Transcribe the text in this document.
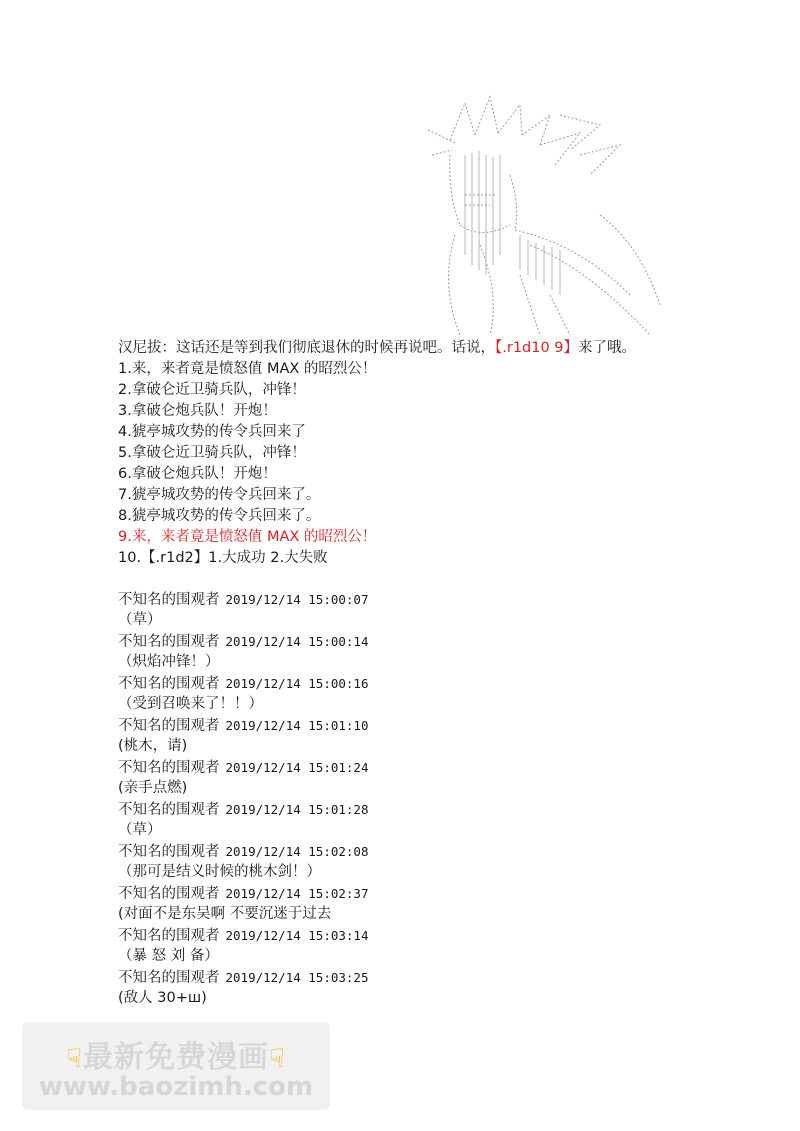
汉尼拔：这话还是等到我们彻底退休的时候再说吧。话说，【.r1d10 9】来了哦。
1.来，来者竟是愤怒值 MAX 的昭烈公！
2.拿破仑近卫骑兵队，冲锋！
3.拿破仑炮兵队！开炮！
4.猇亭城攻势的传令兵回来了
5.拿破仑近卫骑兵队，冲锋！
6.拿破仑炮兵队！开炮！
7.猇亭城攻势的传令兵回来了。
8.猇亭城攻势的传令兵回来了。
9.来，来者竟是愤怒值 MAX 的昭烈公！
10.【.r1d2】1.大成功 2.大失败
不知名的围观者 2019/12/14 15:00:07
（草）
不知名的围观者 2019/12/14 15:00:14
（炽焰冲锋！）
不知名的围观者 2019/12/14 15:00:16
（受到召唤来了！！）
不知名的围观者 2019/12/14 15:01:10
(桃木，请)
不知名的围观者 2019/12/14 15:01:24
(亲手点燃)
不知名的围观者 2019/12/14 15:01:28
（草）
不知名的围观者 2019/12/14 15:02:08
（那可是结义时候的桃木剑！）
不知名的围观者 2019/12/14 15:02:37
(对面不是东吴啊 不要沉迷于过去
不知名的围观者 2019/12/14 15:03:14
（暴 怒 刘 备）
不知名的围观者 2019/12/14 15:03:25
(敌人 30+ш)
☟最新免费漫画☟
www.baozimh.com
